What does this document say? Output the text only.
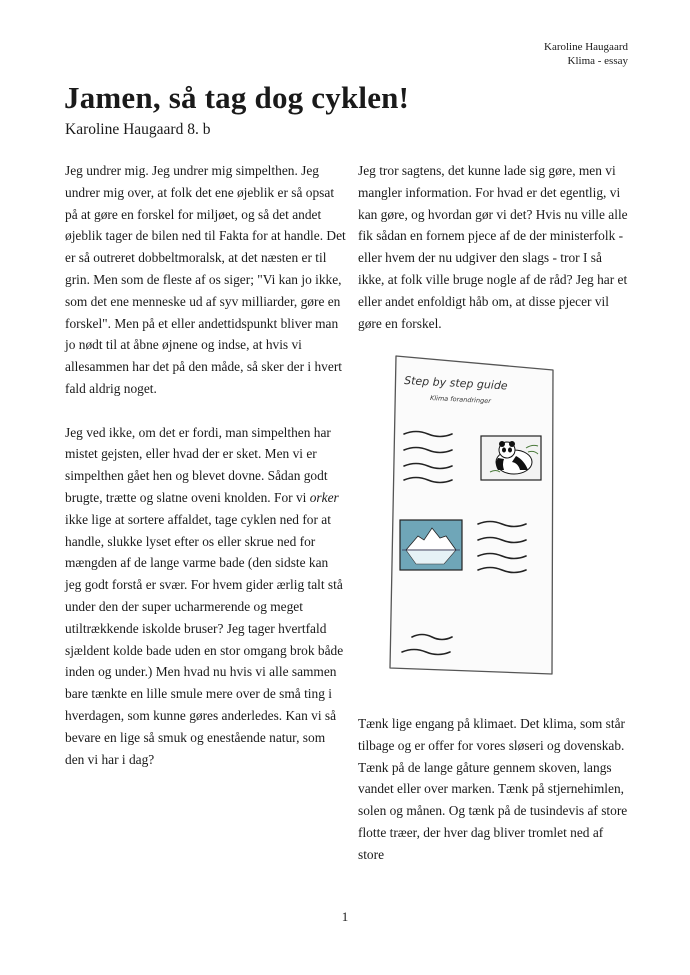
Karoline Haugaard
Klima - essay
Jamen, så tag dog cyklen!
Karoline Haugaard 8. b

Jeg undrer mig. Jeg undrer mig simpelthen. Jeg undrer mig over, at folk det ene øjeblik er så opsat på at gøre en forskel for miljøet, og så det andet øjeblik tager de bilen ned til Fakta for at handle. Det er så outreret dobbeltmoralsk, at det næsten er til grin. Men som de fleste af os siger; "Vi kan jo ikke, som det ene menneske ud af syv milliarder, gøre en forskel". Men på et eller andettidspunkt bliver man jo nødt til at åbne øjnene og indse, at hvis vi allesammen har det på den måde, så sker der i hvert fald aldrig noget.

Jeg ved ikke, om det er fordi, man simpelthen har mistet gejsten, eller hvad der er sket. Men vi er simpelthen gået hen og blevet dovne. Sådan godt brugte, trætte og slatne oveni knolden. For vi orker ikke lige at sortere affaldet, tage cyklen ned for at handle, slukke lyset efter os eller skrue ned for mængden af de lange varme bade (den sidste kan jeg godt forstå er svær. For hvem gider ærlig talt stå under den der super ucharmerende og meget utiltrækkende iskolde bruser? Jeg tager hvertfald sjældent kolde bade uden en stor omgang brok både inden og under.) Men hvad nu hvis vi alle sammen bare tænkte en lille smule mere over de små ting i hverdagen, som kunne gøres anderledes. Kan vi så bevare en lige så smuk og enestående natur, som den vi har i dag?

Jeg tror sagtens, det kunne lade sig gøre, men vi mangler information. For hvad er det egentlig, vi kan gøre, og hvordan gør vi det? Hvis nu ville alle fik sådan en fornem pjece af de der ministerfolk - eller hvem der nu udgiver den slags - tror I så ikke, at folk ville bruge nogle af de råd? Jeg har et eller andet enfoldigt håb om, at disse pjecer vil gøre en forskel.

Step by step guide
Klima forandringer

Tænk lige engang på klimaet. Det klima, som står tilbage og er offer for vores sløseri og dovenskab. Tænk på de lange gåture gennem skoven, langs vandet eller over marken. Tænk på stjernehimlen, solen og månen. Og tænk på de tusindevis af store flotte træer, der hver dag bliver tromlet ned af store

1
